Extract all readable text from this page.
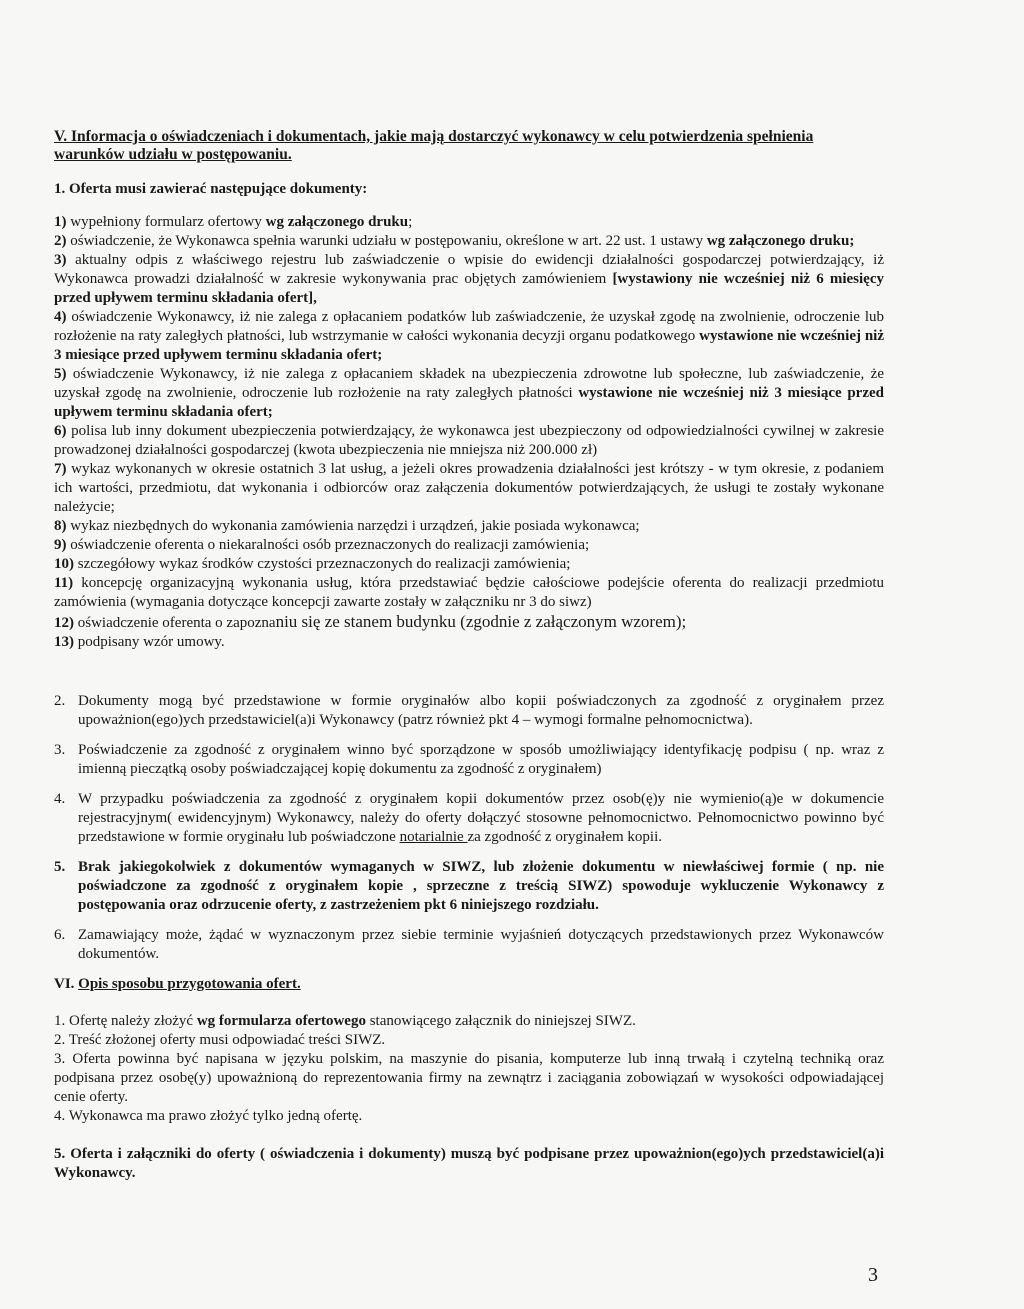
V. Informacja o oświadczeniach i dokumentach, jakie mają dostarczyć wykonawcy w celu potwierdzenia spełnienia warunków udziału w postępowaniu.
1. Oferta musi zawierać następujące dokumenty:
1) wypełniony formularz ofertowy wg załączonego druku;
2) oświadczenie, że Wykonawca spełnia warunki udziału w postępowaniu, określone w art. 22 ust. 1 ustawy wg załączonego druku;
3) aktualny odpis z właściwego rejestru lub zaświadczenie o wpisie do ewidencji działalności gospodarczej potwierdzający, iż Wykonawca prowadzi działalność w zakresie wykonywania prac objętych zamówieniem [wystawiony nie wcześniej niż 6 miesięcy przed upływem terminu składania ofert],
4) oświadczenie Wykonawcy, iż nie zalega z opłacaniem podatków lub zaświadczenie, że uzyskał zgodę na zwolnienie, odroczenie lub rozłożenie na raty zaległych płatności, lub wstrzymanie w całości wykonania decyzji organu podatkowego wystawione nie wcześniej niż 3 miesiące przed upływem terminu składania ofert;
5) oświadczenie Wykonawcy, iż nie zalega z opłacaniem składek na ubezpieczenia zdrowotne lub społeczne, lub zaświadczenie, że uzyskał zgodę na zwolnienie, odroczenie lub rozłożenie na raty zaległych płatności wystawione nie wcześniej niż 3 miesiące przed upływem terminu składania ofert;
6) polisa lub inny dokument ubezpieczenia potwierdzający, że wykonawca jest ubezpieczony od odpowiedzialności cywilnej w zakresie prowadzonej działalności gospodarczej (kwota ubezpieczenia nie mniejsza niż 200.000 zł)
7) wykaz wykonanych w okresie ostatnich 3 lat usług, a jeżeli okres prowadzenia działalności jest krótszy - w tym okresie, z podaniem ich wartości, przedmiotu, dat wykonania i odbiorców oraz załączenia dokumentów potwierdzających, że usługi te zostały wykonane należycie;
8) wykaz niezbędnych do wykonania zamówienia narzędzi i urządzeń, jakie posiada wykonawca;
9) oświadczenie oferenta o niekaralności osób przeznaczonych do realizacji zamówienia;
10) szczegółowy wykaz środków czystości przeznaczonych do realizacji zamówienia;
11) koncepcję organizacyjną wykonania usług, która przedstawiać będzie całościowe podejście oferenta do realizacji przedmiotu zamówienia (wymagania dotyczące koncepcji zawarte zostały w załączniku nr 3 do siwz)
12) oświadczenie oferenta o zapoznaniu się ze stanem budynku (zgodnie z załączonym wzorem);
13) podpisany wzór umowy.
2. Dokumenty mogą być przedstawione w formie oryginałów albo kopii poświadczonych za zgodność z oryginałem przez upoważnion(ego)ych przedstawiciel(a)i Wykonawcy (patrz również pkt 4 – wymogi formalne pełnomocnictwa).
3. Poświadczenie za zgodność z oryginałem winno być sporządzone w sposób umożliwiający identyfikację podpisu ( np. wraz z imienną pieczątką osoby poświadczającej kopię dokumentu za zgodność z oryginałem)
4. W przypadku poświadczenia za zgodność z oryginałem kopii dokumentów przez osob(ę)y nie wymienio(ą)e w dokumencie rejestracyjnym( ewidencyjnym) Wykonawcy, należy do oferty dołączyć stosowne pełnomocnictwo. Pełnomocnictwo powinno być przedstawione w formie oryginału lub poświadczone notarialnie za zgodność z oryginałem kopii.
5. Brak jakiegokolwiek z dokumentów wymaganych w SIWZ, lub złożenie dokumentu w niewłaściwej formie ( np. nie poświadczone za zgodność z oryginałem kopie , sprzeczne z treścią SIWZ) spowoduje wykluczenie Wykonawcy z postępowania oraz odrzucenie oferty, z zastrzeżeniem pkt 6 niniejszego rozdziału.
6. Zamawiający może, żądać w wyznaczonym przez siebie terminie wyjaśnień dotyczących przedstawionych przez Wykonawców dokumentów.
VI. Opis sposobu przygotowania ofert.
1. Ofertę należy złożyć wg formularza ofertowego stanowiącego załącznik do niniejszej SIWZ.
2. Treść złożonej oferty musi odpowiadać treści SIWZ.
3. Oferta powinna być napisana w języku polskim, na maszynie do pisania, komputerze lub inną trwałą i czytelną techniką oraz podpisana przez osobę(y) upoważnioną do reprezentowania firmy na zewnątrz i zaciągania zobowiązań w wysokości odpowiadającej cenie oferty.
4. Wykonawca ma prawo złożyć tylko jedną ofertę.
5. Oferta i załączniki do oferty ( oświadczenia i dokumenty) muszą być podpisane przez upoważnion(ego)ych przedstawiciel(a)i Wykonawcy.
3
